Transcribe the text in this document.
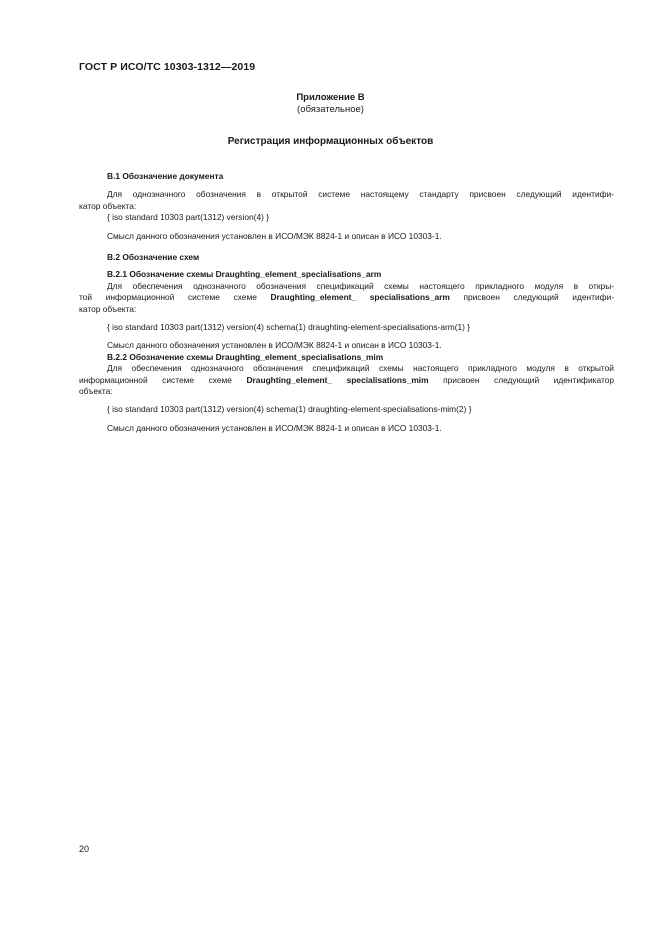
ГОСТ Р ИСО/ТС 10303-1312—2019
Приложение В
(обязательное)
Регистрация информационных объектов
В.1 Обозначение документа
Для однозначного обозначения в открытой системе настоящему стандарту присвоен следующий идентифи-
катор объекта:
{ iso standard 10303 part(1312) version(4) }
Смысл данного обозначения установлен в ИСО/МЭК 8824-1 и описан в ИСО 10303-1.
В.2 Обозначение схем
В.2.1 Обозначение схемы Draughting_element_specialisations_arm
Для обеспечения однозначного обозначения спецификаций схемы настоящего прикладного модуля в откры-
той информационной системе схеме Draughting_element_ specialisations_arm присвоен следующий идентифи-
катор объекта:
{ iso standard 10303 part(1312) version(4) schema(1) draughting-element-specialisations-arm(1) }
Смысл данного обозначения установлен в ИСО/МЭК 8824-1 и описан в ИСО 10303-1.
В.2.2 Обозначение схемы Draughting_element_specialisations_mim
Для обеспечения однозначного обозначения спецификаций схемы настоящего прикладного модуля в открытой
информационной системе схеме Draughting_element_ specialisations_mim присвоен следующий идентификатор
объекта:
{ iso standard 10303 part(1312) version(4) schema(1) draughting-element-specialisations-mim(2) }
Смысл данного обозначения установлен в ИСО/МЭК 8824-1 и описан в ИСО 10303-1.
20
